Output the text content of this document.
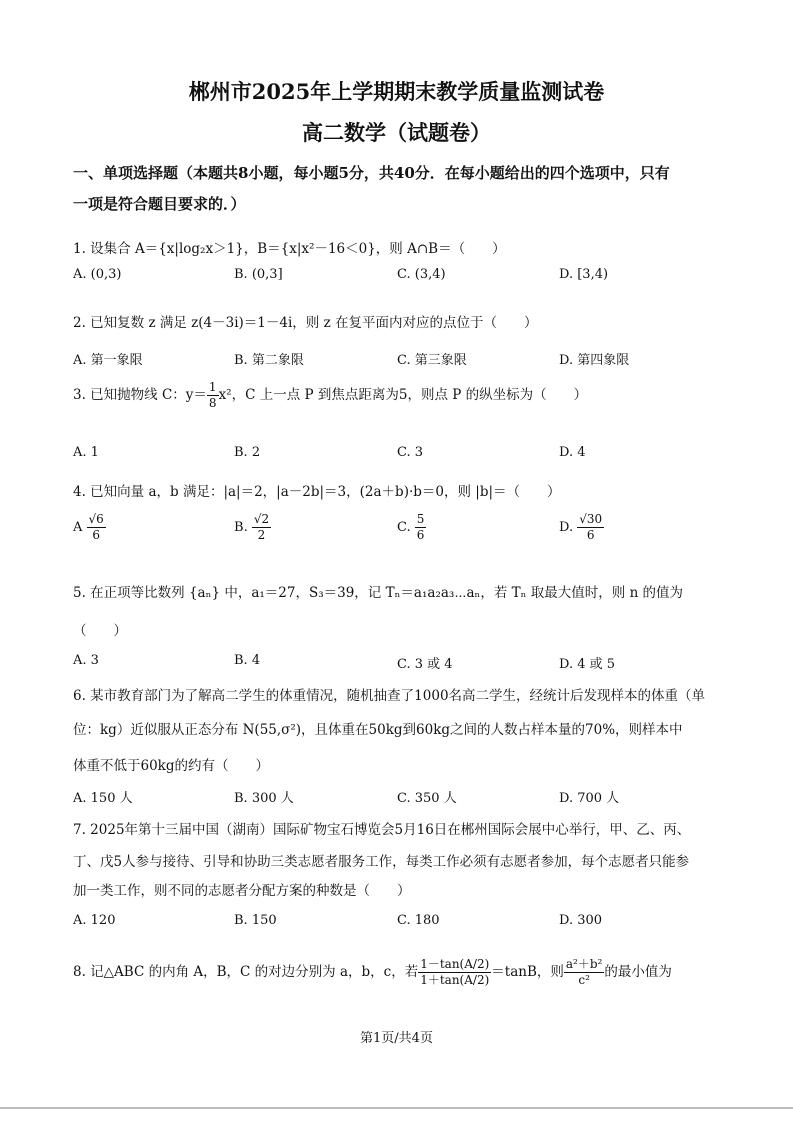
郴州市2025年上学期期末教学质量监测试卷
高二数学（试题卷）
一、单项选择题（本题共8小题，每小题5分，共40分．在每小题给出的四个选项中，只有
一项是符合题目要求的．）
1. 设集合 A＝{x|log₂x＞1}，B＝{x|x²－16＜0}，则 A∩B＝（　　）
A. (0,3)	B. (0,3]	C. (3,4)	D. [3,4)
2. 已知复数 z 满足 z(4－3i)＝1－4i，则 z 在复平面内对应的点位于（　　）
A. 第一象限	B. 第二象限	C. 第三象限	D. 第四象限
3. 已知抛物线 C：$y= \frac{1}{8} x^2$，C 上一点 P 到焦点距离为5，则点 P 的纵坐标为（　　）
A. 1	B. 2	C. 3	D. 4
4. 已知向量 a，b 满足：|a|＝2，|a－2b|＝3，(2a＋b)·b＝0，则 |b|＝（　　）
A $\frac{√6}{6}$	B. $\frac{√2}{2}$	C. $\frac{5}{6}$	D. $\frac{√30}{6}$
5. 在正项等比数列 {aₙ} 中，a₁＝27，S₃＝39，记 Tₙ＝a₁a₂a₃⋯aₙ，若 Tₙ 取最大值时，则 n 的值为
（　　）
A. 3	B. 4	C. 3 或 4	D. 4 或 5
6. 某市教育部门为了解高二学生的体重情况，随机抽查了1000名高二学生，经统计后发现样本的体重（单
位：kg）近似服从正态分布 N(55,σ²)，且体重在50kg到60kg之间的人数占样本量的70%，则样本中
体重不低于60kg的约有（　　）
A. 150 人	B. 300 人	C. 350 人	D. 700 人
7. 2025年第十三届中国（湖南）国际矿物宝石博览会5月16日在郴州国际会展中心举行，甲、乙、丙、
丁、戊5人参与接待、引导和协助三类志愿者服务工作，每类工作必须有志愿者参加，每个志愿者只能参
加一类工作，则不同的志愿者分配方案的种数是（　　）
A. 120	B. 150	C. 180	D. 300
8. 记△ABC 的内角 A，B，C 的对边分别为 a，b，c，若 $\frac{1-\tan(A/2)}{1+\tan(A/2)} =\tan B$，则 $\frac{\text{a²＋b²}}{\text{c²}}$ 的最小值为
第1页/共4页
